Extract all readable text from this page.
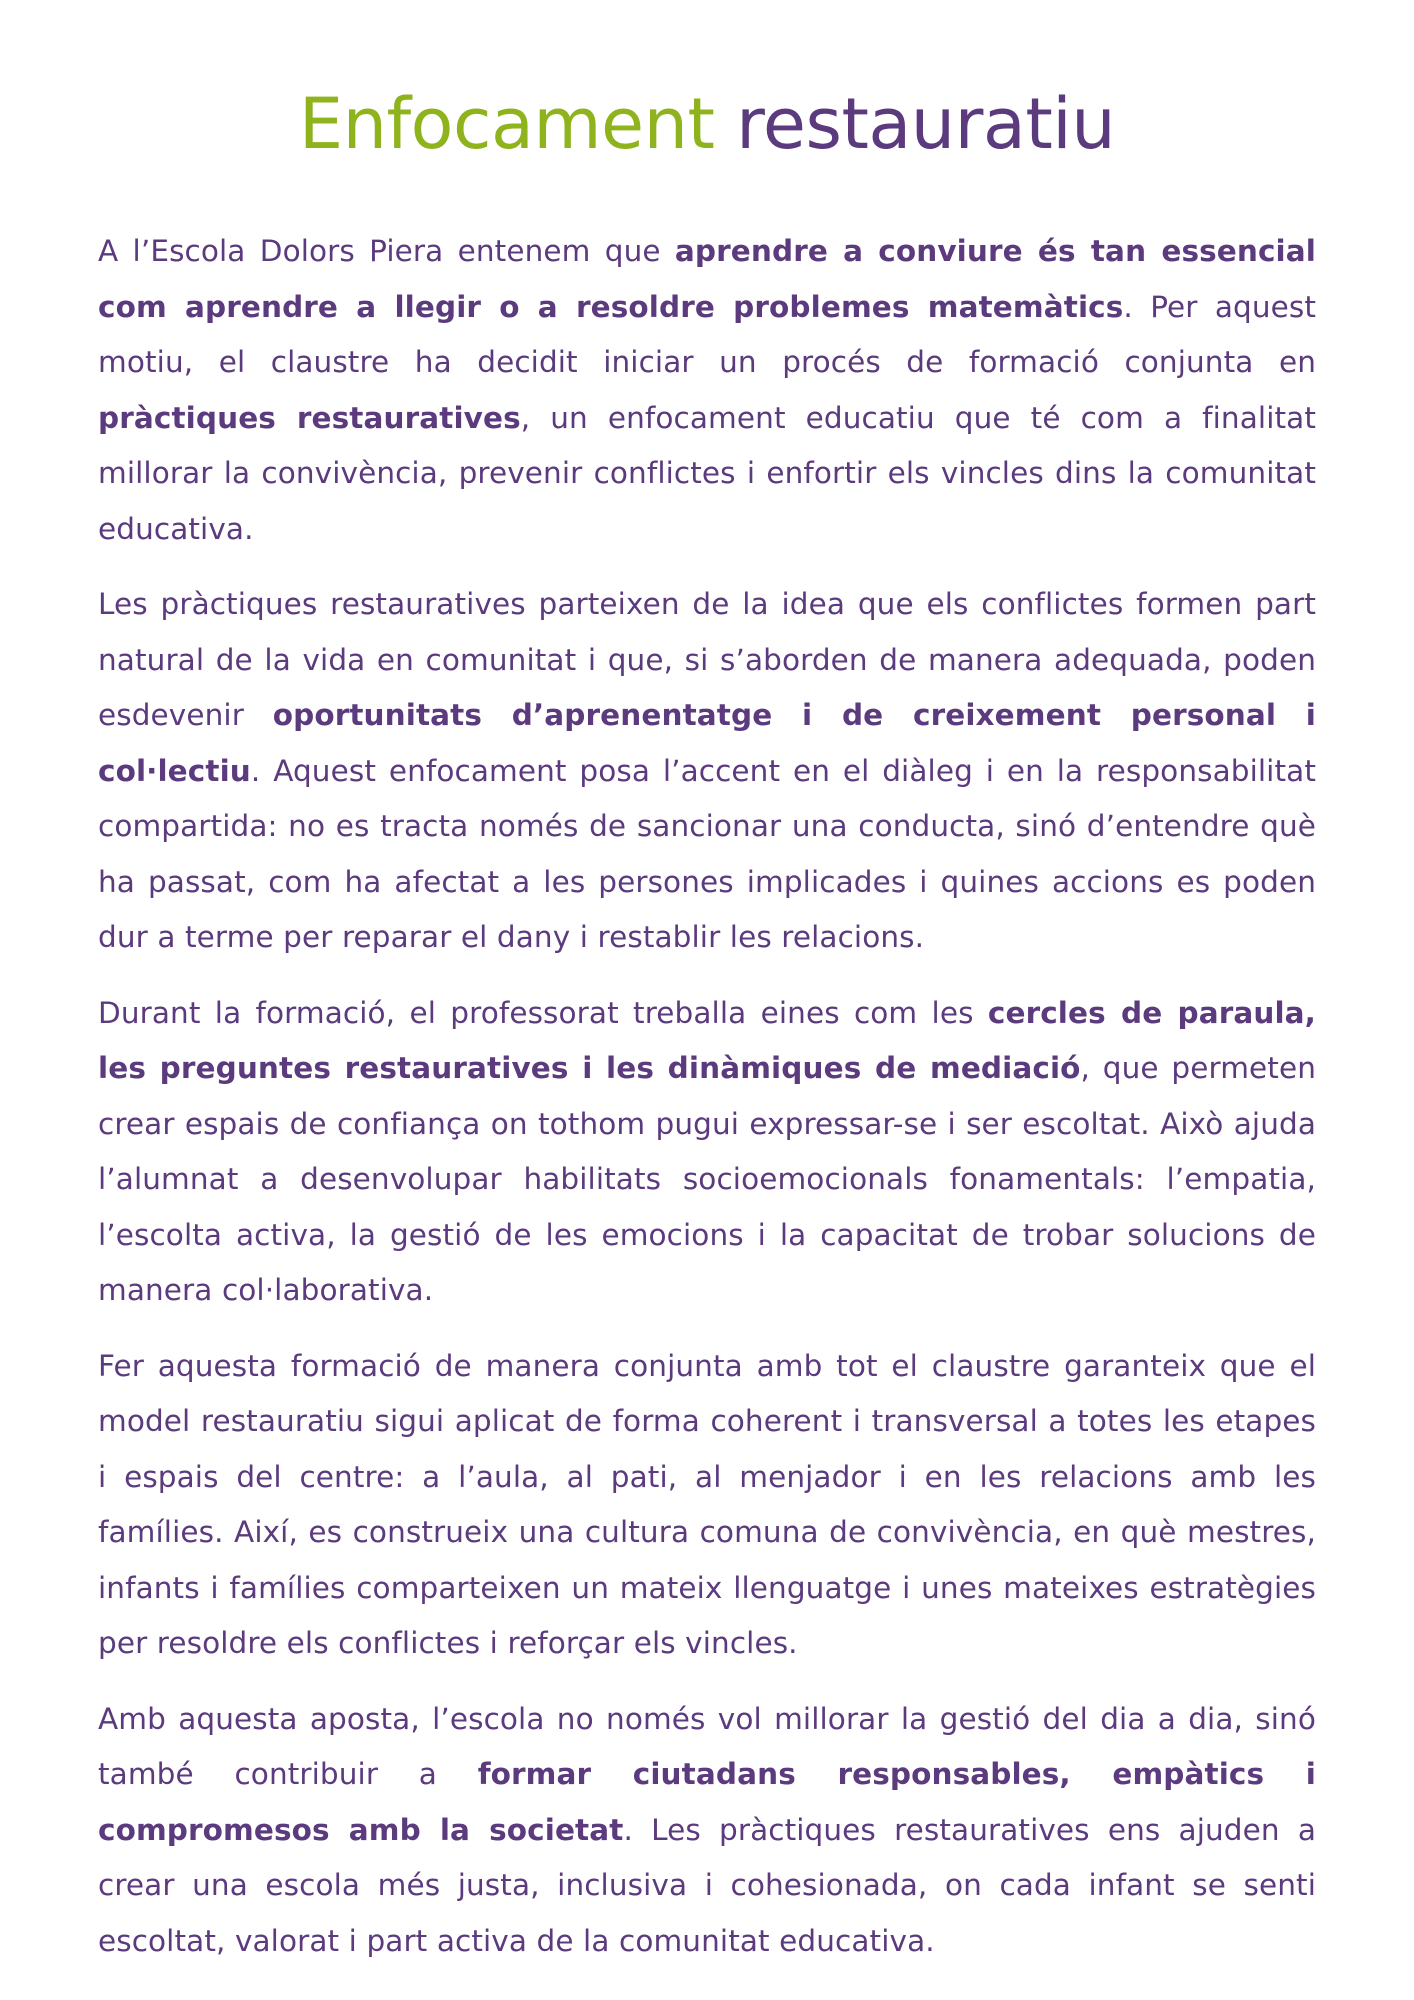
Enfocament restauratiu

A l’Escola Dolors Piera entenem que aprendre a conviure és tan essencial com aprendre a llegir o a resoldre problemes matemàtics. Per aquest motiu, el claustre ha decidit iniciar un procés de formació conjunta en pràctiques restauratives, un enfocament educatiu que té com a finalitat millorar la convivència, prevenir conflictes i enfortir els vincles dins la comunitat educativa.

Les pràctiques restauratives parteixen de la idea que els conflictes formen part natural de la vida en comunitat i que, si s’aborden de manera adequada, poden esdevenir oportunitats d’aprenentatge i de creixement personal i col·lectiu. Aquest enfocament posa l’accent en el diàleg i en la responsabilitat compartida: no es tracta només de sancionar una conducta, sinó d’entendre què ha passat, com ha afectat a les persones implicades i quines accions es poden dur a terme per reparar el dany i restablir les relacions.

Durant la formació, el professorat treballa eines com les cercles de paraula, les preguntes restauratives i les dinàmiques de mediació, que permeten crear espais de confiança on tothom pugui expressar-se i ser escoltat. Això ajuda l’alumnat a desenvolupar habilitats socioemocionals fonamentals: l’empatia, l’escolta activa, la gestió de les emocions i la capacitat de trobar solucions de manera col·laborativa.

Fer aquesta formació de manera conjunta amb tot el claustre garanteix que el model restauratiu sigui aplicat de forma coherent i transversal a totes les etapes i espais del centre: a l’aula, al pati, al menjador i en les relacions amb les famílies. Així, es construeix una cultura comuna de convivència, en què mestres, infants i famílies comparteixen un mateix llenguatge i unes mateixes estratègies per resoldre els conflictes i reforçar els vincles.

Amb aquesta aposta, l’escola no només vol millorar la gestió del dia a dia, sinó també contribuir a formar ciutadans responsables, empàtics i compromesos amb la societat. Les pràctiques restauratives ens ajuden a crear una escola més justa, inclusiva i cohesionada, on cada infant se senti escoltat, valorat i part activa de la comunitat educativa.
